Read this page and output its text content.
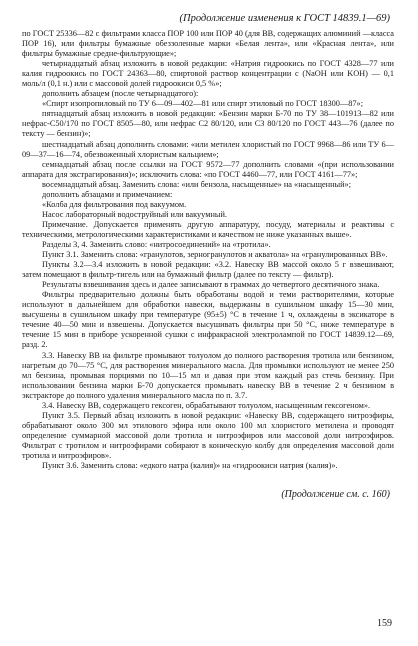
(Продолжение изменения к ГОСТ 14839.1—69)

по ГОСТ 25336—82 с фильтрами класса ПОР 100 или ПОР 40 (для ВВ, содержащих алюминий —класса ПОР 16), или фильтры бумажные обеззоленные марки «Белая лента», или «Красная лента», или фильтры бумажные средне-фильтрующие»;

четырнадцатый абзац изложить в новой редакции: «Натрия гидроокись по ГОСТ 4328—77 или калия гидроокись по ГОСТ 24363—80, спиртовой раствор концентрации с (NaOH или KOH) — 0,1 моль/л (0,1 н.) или с массовой долей гидроокиси 0,5 %»;

дополнить абзацем (после четырнадцатого):

«Спирт изопропиловый по ТУ 6—09—402—81 или спирт этиловый по ГОСТ 18300—87»;

пятнадцатый абзац изложить в новой редакции: «Бензин марки Б-70 по ТУ 38—101913—82 или нефрас-С50/170 по ГОСТ 8505—80, или нефрас С2 80/120, или С3 80/120 по ГОСТ 443—76 (далее по тексту — бензин)»;

шестнадцатый абзац дополнить словами: «или метилен хлористый по ГОСТ 9968—86 или ТУ 6—09—37—16—74, обезвоженный хлористым кальцием»;

семнадцатый абзац после ссылки на ГОСТ 9572—77 дополнить словами «(при использовании аппарата для экстрагирования)»; исключить слова: «по ГОСТ 4460—77, или ГОСТ 4161—77»;

восемнадцатый абзац. Заменить слова: «или бензола, насыщенные» на «насыщенный»;

дополнить абзацами и примечанием:

«Колба для фильтрования под вакуумом.

Насос лабораторный водоструйный или вакуумный.

Примечание. Допускается применять другую аппаратуру, посуду, материалы и реактивы с техническими, метрологическими характеристиками и качеством не ниже указанных выше».

Разделы 3, 4. Заменить слово: «нитросоединений» на «тротила».

Пункт 3.1. Заменить слова: «гранулотов, зерногранулотов и акватола» на «гранулированных ВВ».

Пункты 3.2—3.4 изложить в новой редакции: «3.2. Навеску ВВ массой около 5 г взвешивают, затем помещают в фильтр-тигель или на бумажный фильтр (далее по тексту — фильтр).

Результаты взвешивания здесь и далее записывают в граммах до четвертого десятичного знака.

Фильтры предварительно должны быть обработаны водой и теми растворителями, которые используют в дальнейшем для обработки навески, выдержаны в сушильном шкафу 15—30 мин, высушены в сушильном шкафу при температуре (95±5) °С в течение 1 ч, охлаждены в эксикаторе в течение 40—50 мин и взвешены. Допускается высушивать фильтры при 50 °С, ниже температуре в течение 15 мин в приборе ускоренной сушки с инфракрасной электролампой по ГОСТ 14839.12—69, разд. 2.

3.3. Навеску ВВ на фильтре промывают толуолом до полного растворения тротила или бензином, нагретым до 70—75 °С, для растворения минерального масла. Для промывки используют не менее 250 мл бензина, промывая порциями по 10—15 мл и давая при этом каждый раз стечь бензину. При использовании бензина марки Б-70 допускается промывать навеску ВВ в течение 2 ч бензином в экстракторе до полного удаления минерального масла по п. 3.7.

3.4. Навеску ВВ, содержащего гексоген, обрабатывают толуолом, насыщенным гексогеном».

Пункт 3.5. Первый абзац изложить в новой редакции: «Навеску ВВ, содержащего нитроэфиры, обрабатывают около 300 мл этилового эфира или около 100 мл хлористого метилена и проводят определение суммарной массовой доли тротила и нитроэфиров или массовой доли нитроэфиров. Фильтрат с тротилом и нитроэфирами собирают в коническую колбу для определения массовой доли тротила и нитроэфиров».

Пункт 3.6. Заменить слова: «едкого натра (калия)» на «гидроокиси натрия (калия)».

(Продолжение см. с. 160)
159
